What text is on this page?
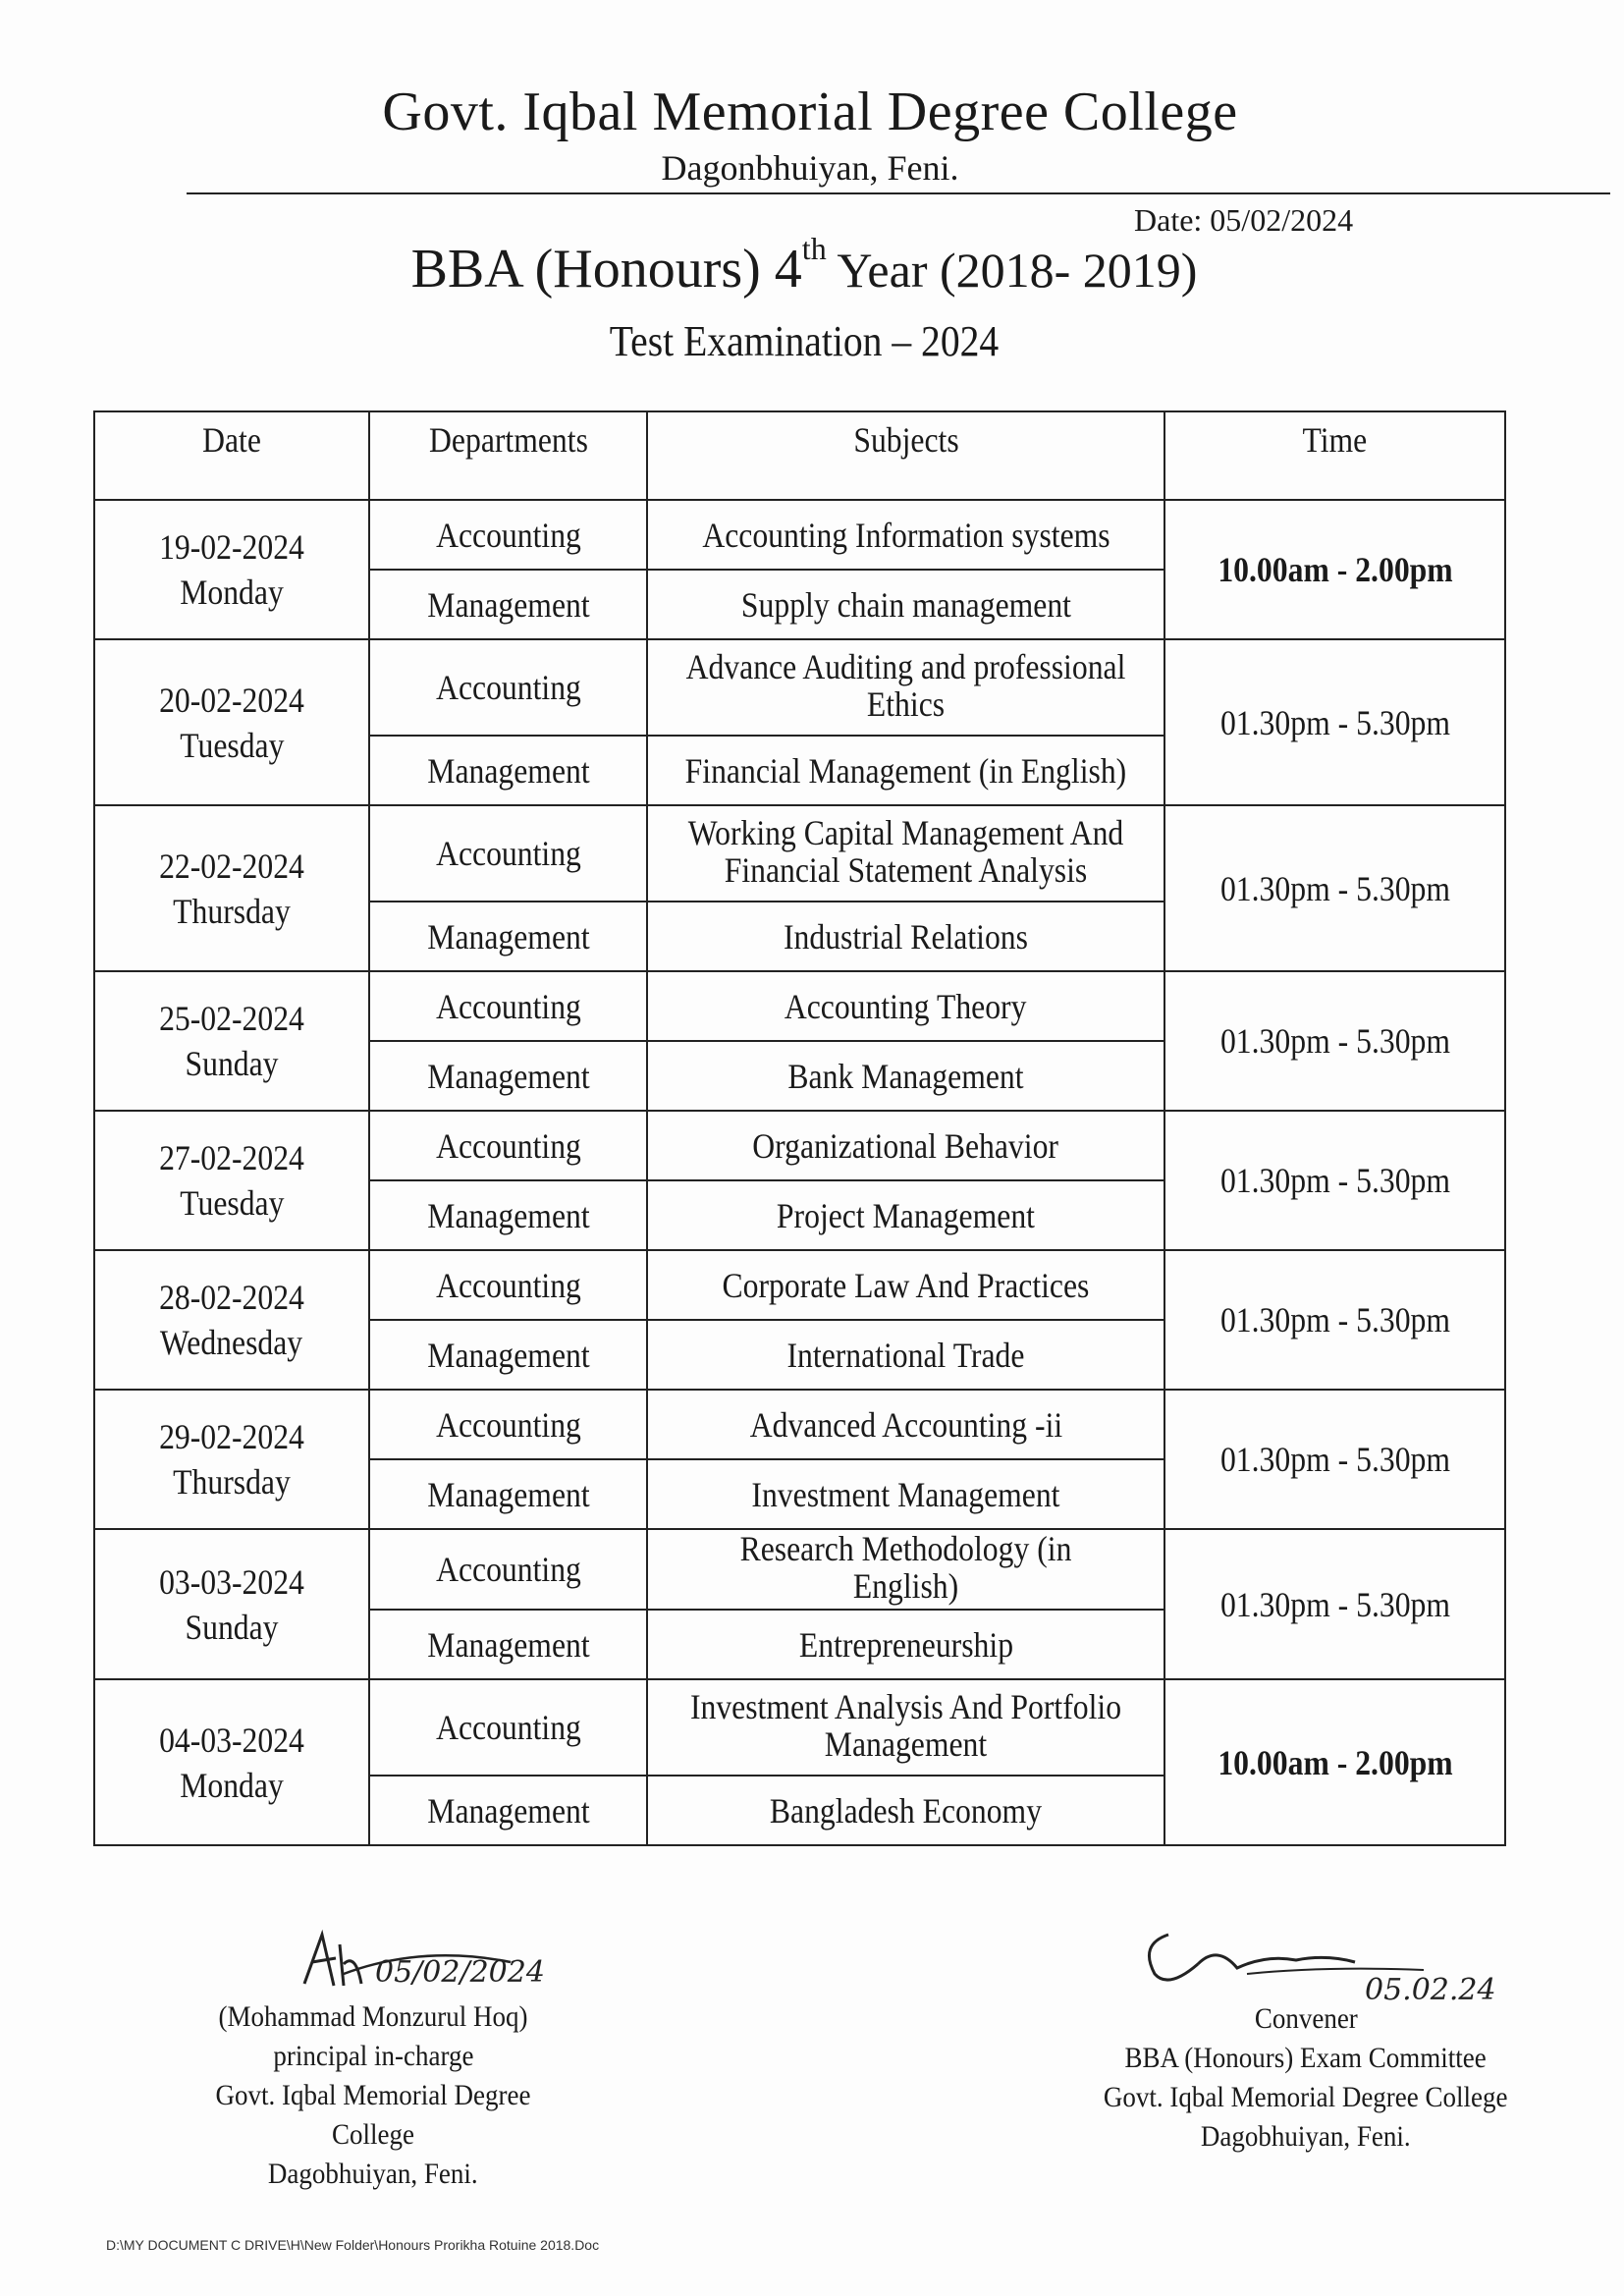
Govt. Iqbal Memorial Degree College
Dagonbhuiyan, Feni.
Date: 05/02/2024
BBA (Honours) 4th Year (2018- 2019)
Test Examination – 2024
Date	Departments	Subjects	Time

19-02-2024
Monday	Accounting	Accounting Information systems	10.00am - 2.00pm
	Management	Supply chain management	

20-02-2024
Tuesday	Accounting	Advance Auditing and professional Ethics	01.30pm - 5.30pm
	Management	Financial Management (in English)	

22-02-2024
Thursday	Accounting	Working Capital Management And Financial Statement Analysis	01.30pm - 5.30pm
	Management	Industrial Relations	

25-02-2024
Sunday	Accounting	Accounting Theory	01.30pm - 5.30pm
	Management	Bank Management	

27-02-2024
Tuesday	Accounting	Organizational Behavior	01.30pm - 5.30pm
	Management	Project Management	

28-02-2024
Wednesday	Accounting	Corporate Law And Practices	01.30pm - 5.30pm
	Management	International Trade	

29-02-2024
Thursday	Accounting	Advanced Accounting -ii	01.30pm - 5.30pm
	Management	Investment Management	

03-03-2024
Sunday	Accounting	Research Methodology (in English)	01.30pm - 5.30pm
	Management	Entrepreneurship	

04-03-2024
Monday	Accounting	Investment Analysis And Portfolio Management	10.00am - 2.00pm
	Management	Bangladesh Economy	
05/02/2024
05.02.24
(Mohammad Monzurul Hoq)
principal in-charge
Govt. Iqbal Memorial Degree College
Dagobhuiyan, Feni.
Convener
BBA (Honours) Exam Committee
Govt. Iqbal Memorial Degree College
Dagobhuiyan, Feni.
D:\MY DOCUMENT C DRIVE\H\New Folder\Honours Prorikha Rotuine 2018.Doc
